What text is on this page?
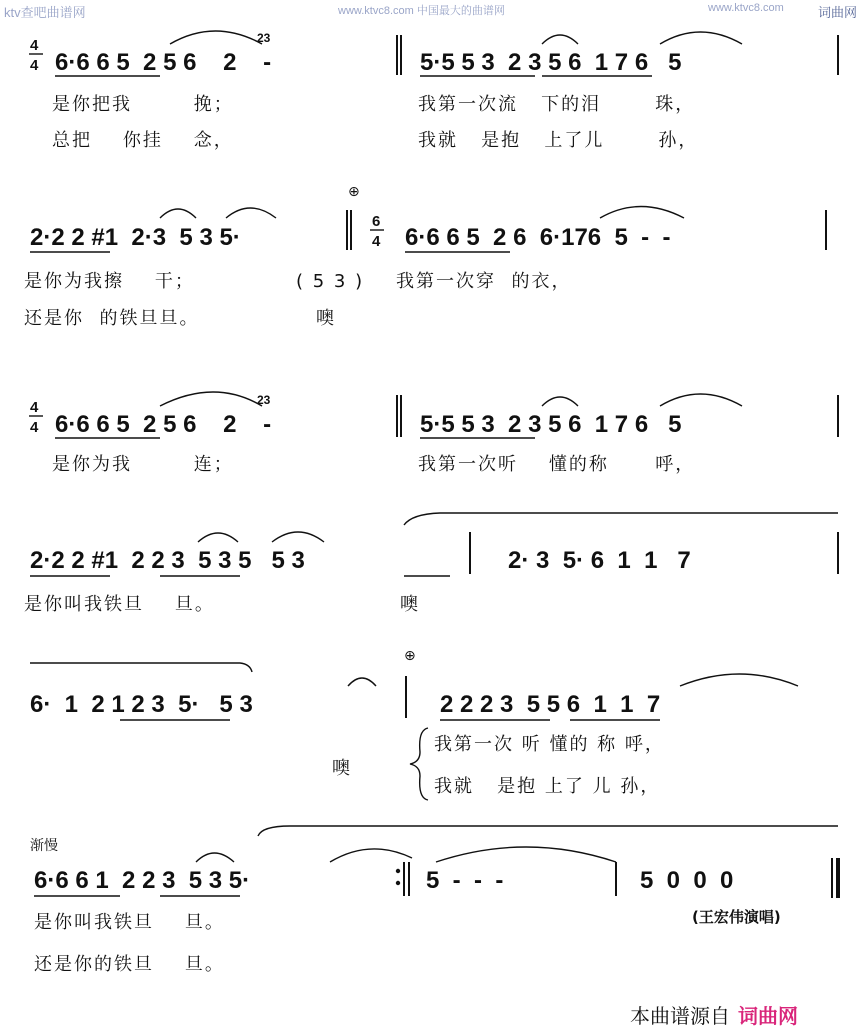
ktv查吧曲谱网	www.ktvc8.com 中国最大的曲谱网	www.ktvc8.com	词曲网
4
4 6·6 6 5  2 5 6    2    -
23
5·5 5 3  2 3 5 6  1 7 6   5
是你把我        挽；
总把    你挂    念，
我第一次流   下的泪       珠，
我就   是抱   上了儿       孙，
⊕
2·2 2 #1  2·3  5 3 5·
6
4 6·6 6 5  2 6  6·176  5  -  -
是你为我擦    干；
还是你  的铁旦旦。
( 5 3 ) 我第一次穿  的衣，
噢
4
4 6·6 6 5  2 5 6    2    -
23
5·5 5 3  2 3 5 6  1 7 6   5
是你为我        连；	我第一次听    懂的称      呼，
2·2 2 #1  2 2 3  5 3 5   5 3	2· 3  5· 6  1  1   7
是你叫我铁旦    旦。	噢
⊕
6·  1  2 1 2 3  5·   5 3	2 2 2 3  5 5 6  1  1  7
噢
我第一次 听 懂的 称 呼，
我就   是抱 上了 儿 孙，
渐慢
6·6 6 1  2 2 3  5 3 5·	5  -  -  -	5  0  0  0
是你叫我铁旦    旦。
还是你的铁旦    旦。
(王宏伟演唱)
本曲谱源自 词曲网
